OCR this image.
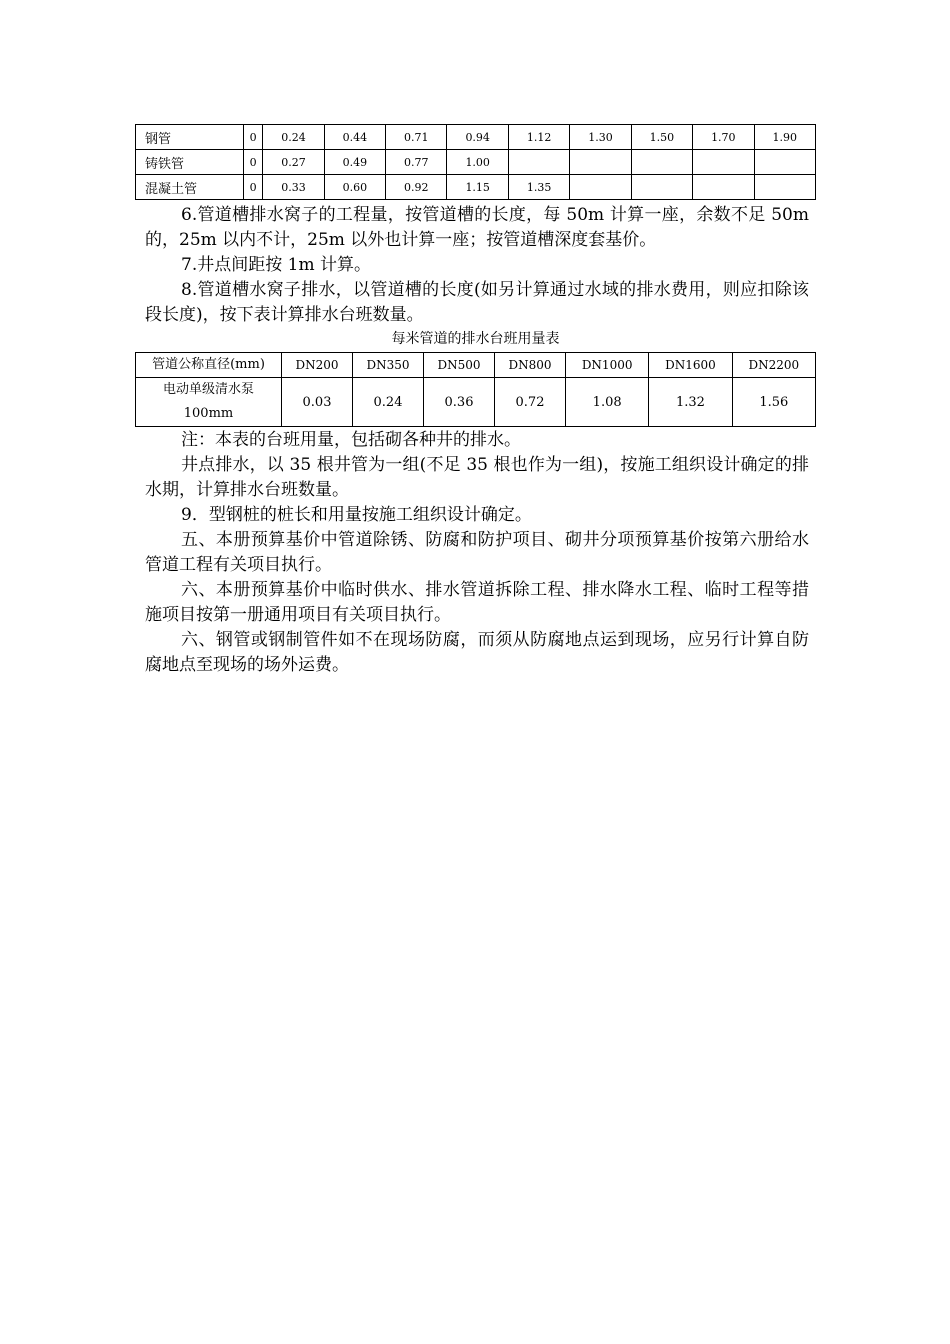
钢管	0	0.24	0.44	0.71	0.94	1.12	1.30	1.50	1.70	1.90
铸铁管	0	0.27	0.49	0.77	1.00					
混凝土管	0	0.33	0.60	0.92	1.15	1.35				

6.管道槽排水窝子的工程量，按管道槽的长度，每 50m 计算一座，余数不足 50m 的，25m 以内不计，25m 以外也计算一座；按管道槽深度套基价。

7.井点间距按 1m 计算。

8.管道槽水窝子排水，以管道槽的长度(如另计算通过水域的排水费用，则应扣除该段长度)，按下表计算排水台班数量。

每米管道的排水台班用量表
管道公称直径(mm)	DN200	DN350	DN500	DN800	DN1000	DN1600	DN2200

电动单级清水泵
100mm	0.03	0.24	0.36	0.72	1.08	1.32	1.56

注：本表的台班用量，包括砌各种井的排水。

井点排水，以 35 根井管为一组(不足 35 根也作为一组)，按施工组织设计确定的排水期，计算排水台班数量。

9．型钢桩的桩长和用量按施工组织设计确定。

五、本册预算基价中管道除锈、防腐和防护项目、砌井分项预算基价按第六册给水管道工程有关项目执行。

六、本册预算基价中临时供水、排水管道拆除工程、排水降水工程、临时工程等措施项目按第一册通用项目有关项目执行。

六、钢管或钢制管件如不在现场防腐，而须从防腐地点运到现场，应另行计算自防腐地点至现场的场外运费。
